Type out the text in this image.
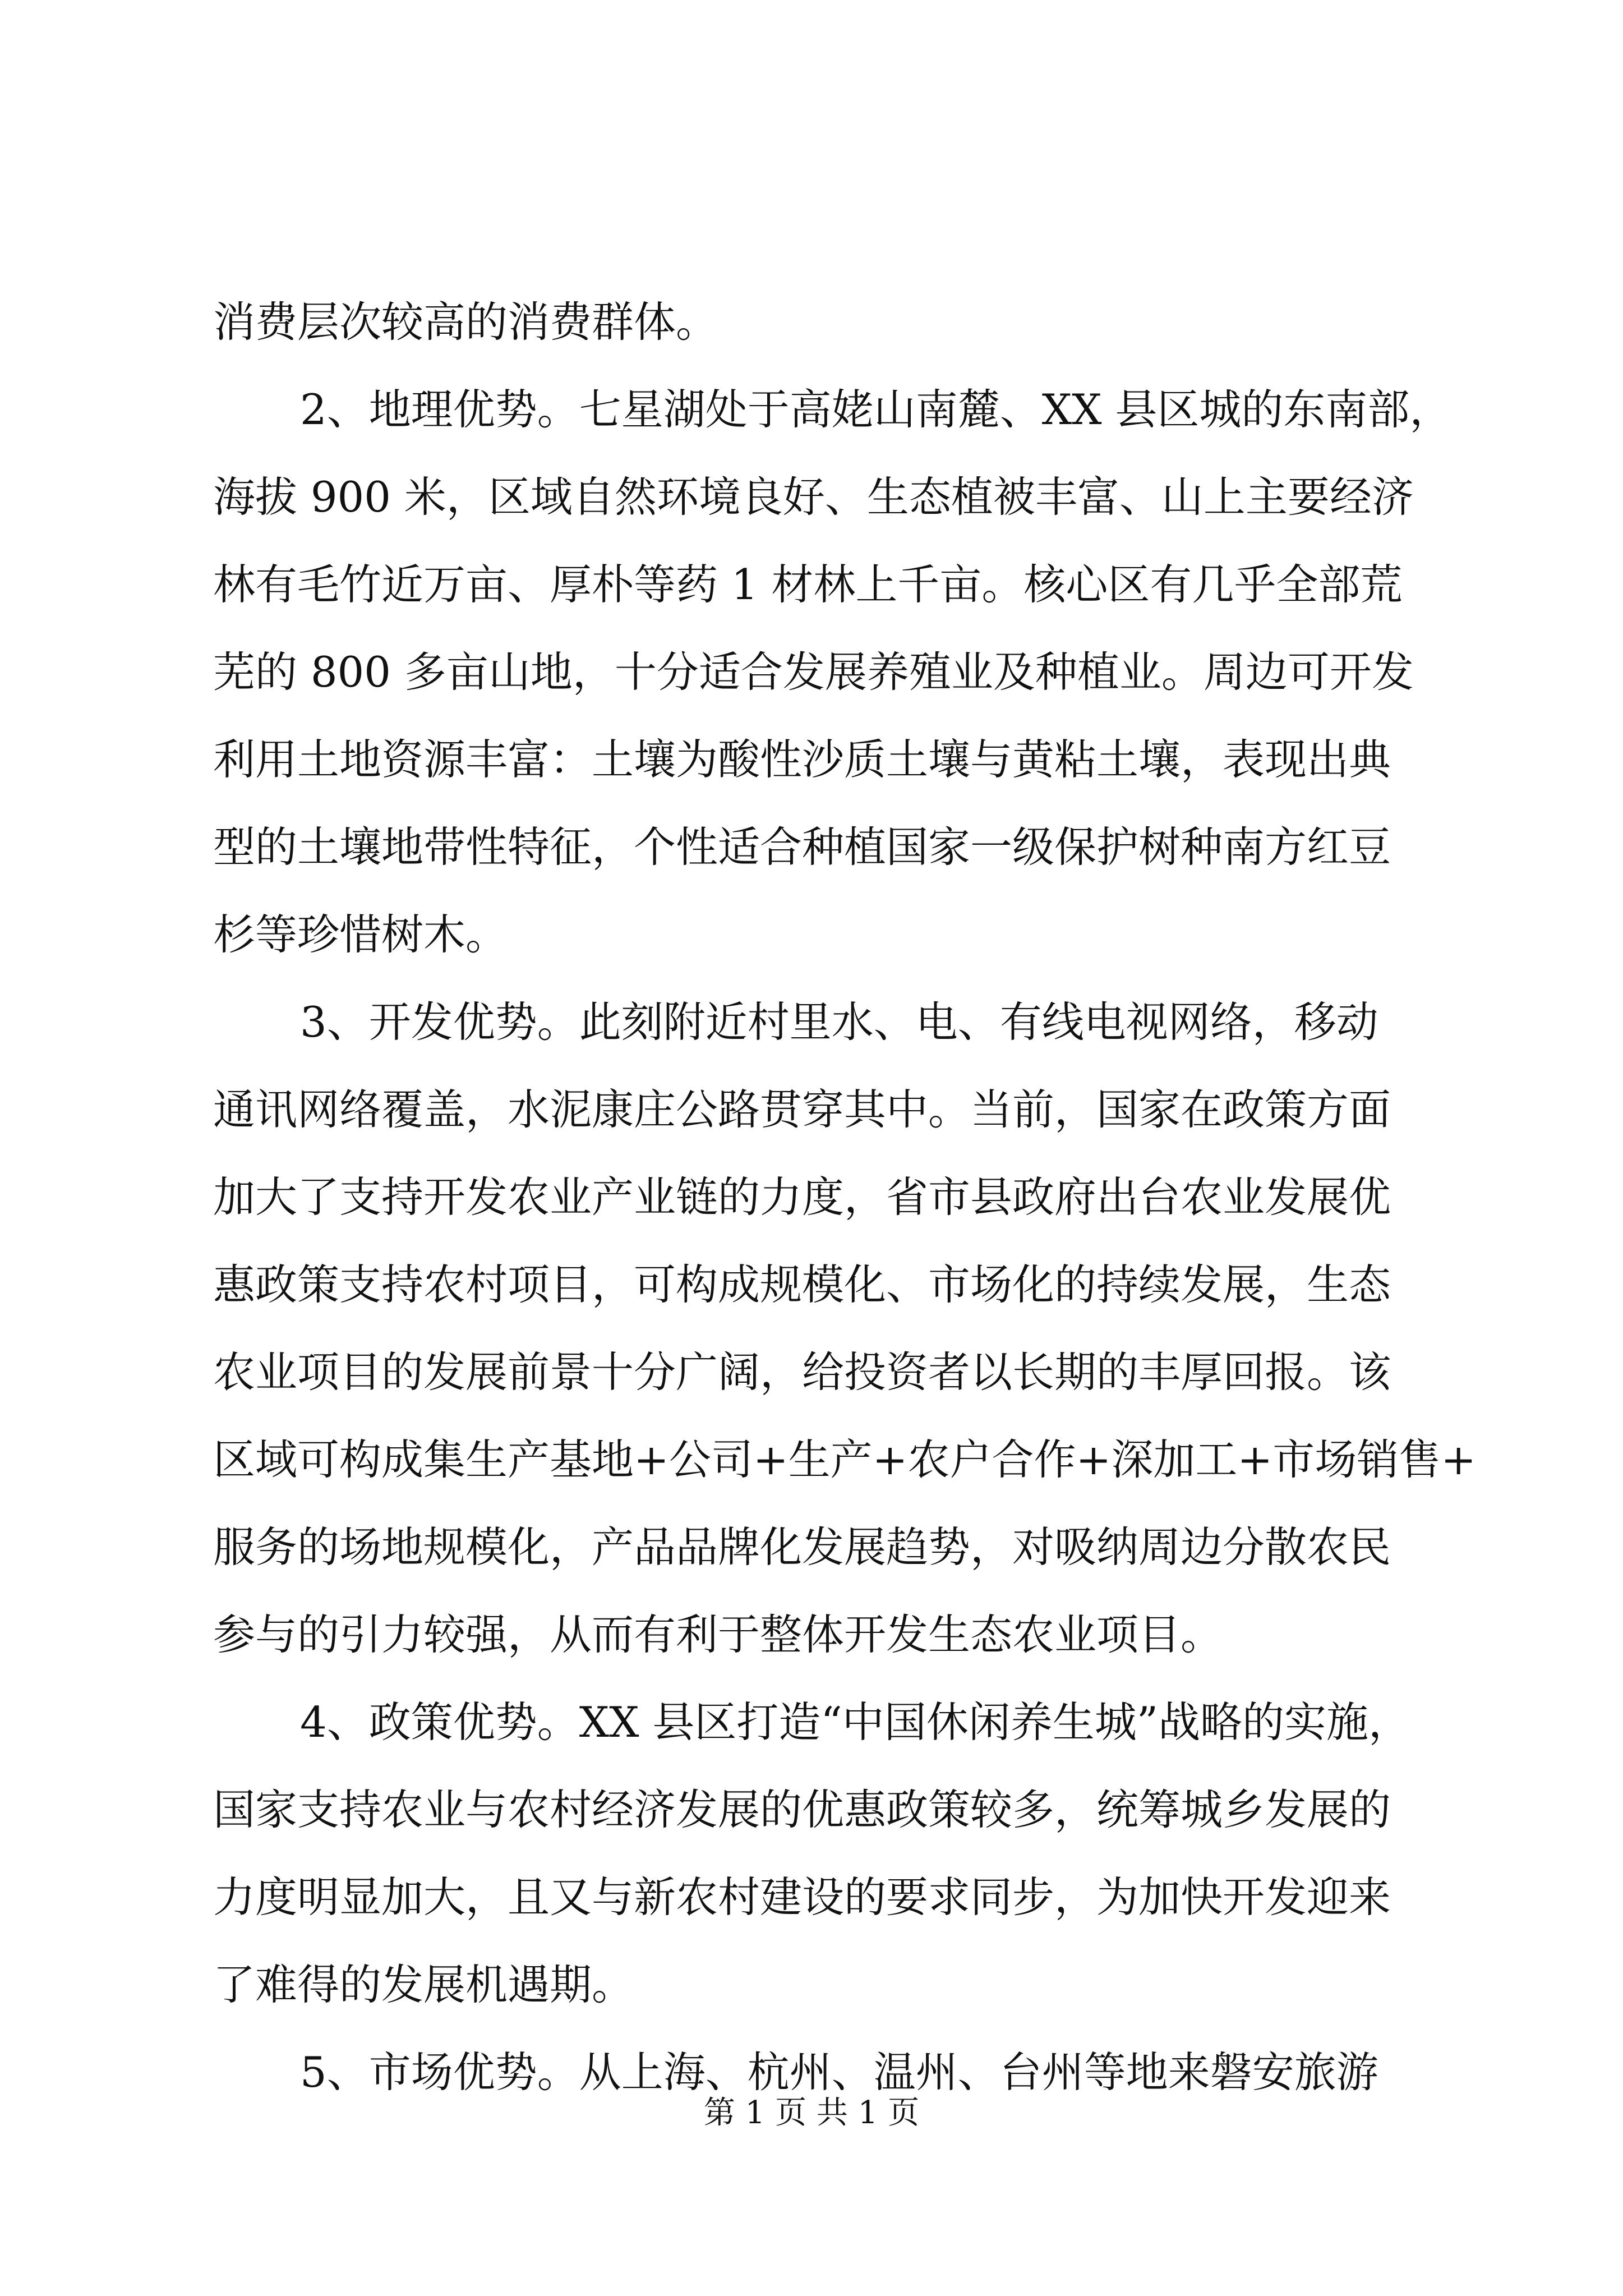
消费层次较高的消费群体。
2、地理优势。七星湖处于高姥山南麓、XX 县区城的东南部，
海拔 900 米，区域自然环境良好、生态植被丰富、山上主要经济
林有毛竹近万亩、厚朴等药 1 材林上千亩。核心区有几乎全部荒
芜的 800 多亩山地，十分适合发展养殖业及种植业。周边可开发
利用土地资源丰富：土壤为酸性沙质土壤与黄粘土壤，表现出典
型的土壤地带性特征，个性适合种植国家一级保护树种南方红豆
杉等珍惜树木。
3、开发优势。此刻附近村里水、电、有线电视网络，移动
通讯网络覆盖，水泥康庄公路贯穿其中。当前，国家在政策方面
加大了支持开发农业产业链的力度，省市县政府出台农业发展优
惠政策支持农村项目，可构成规模化、市场化的持续发展，生态
农业项目的发展前景十分广阔，给投资者以长期的丰厚回报。该
区域可构成集生产基地+公司+生产+农户合作+深加工+市场销售+
服务的场地规模化，产品品牌化发展趋势，对吸纳周边分散农民
参与的引力较强，从而有利于整体开发生态农业项目。
4、政策优势。XX 县区打造“中国休闲养生城”战略的实施，
国家支持农业与农村经济发展的优惠政策较多，统筹城乡发展的
力度明显加大，且又与新农村建设的要求同步，为加快开发迎来
了难得的发展机遇期。
5、市场优势。从上海、杭州、温州、台州等地来磐安旅游
第 1 页 共 1 页
